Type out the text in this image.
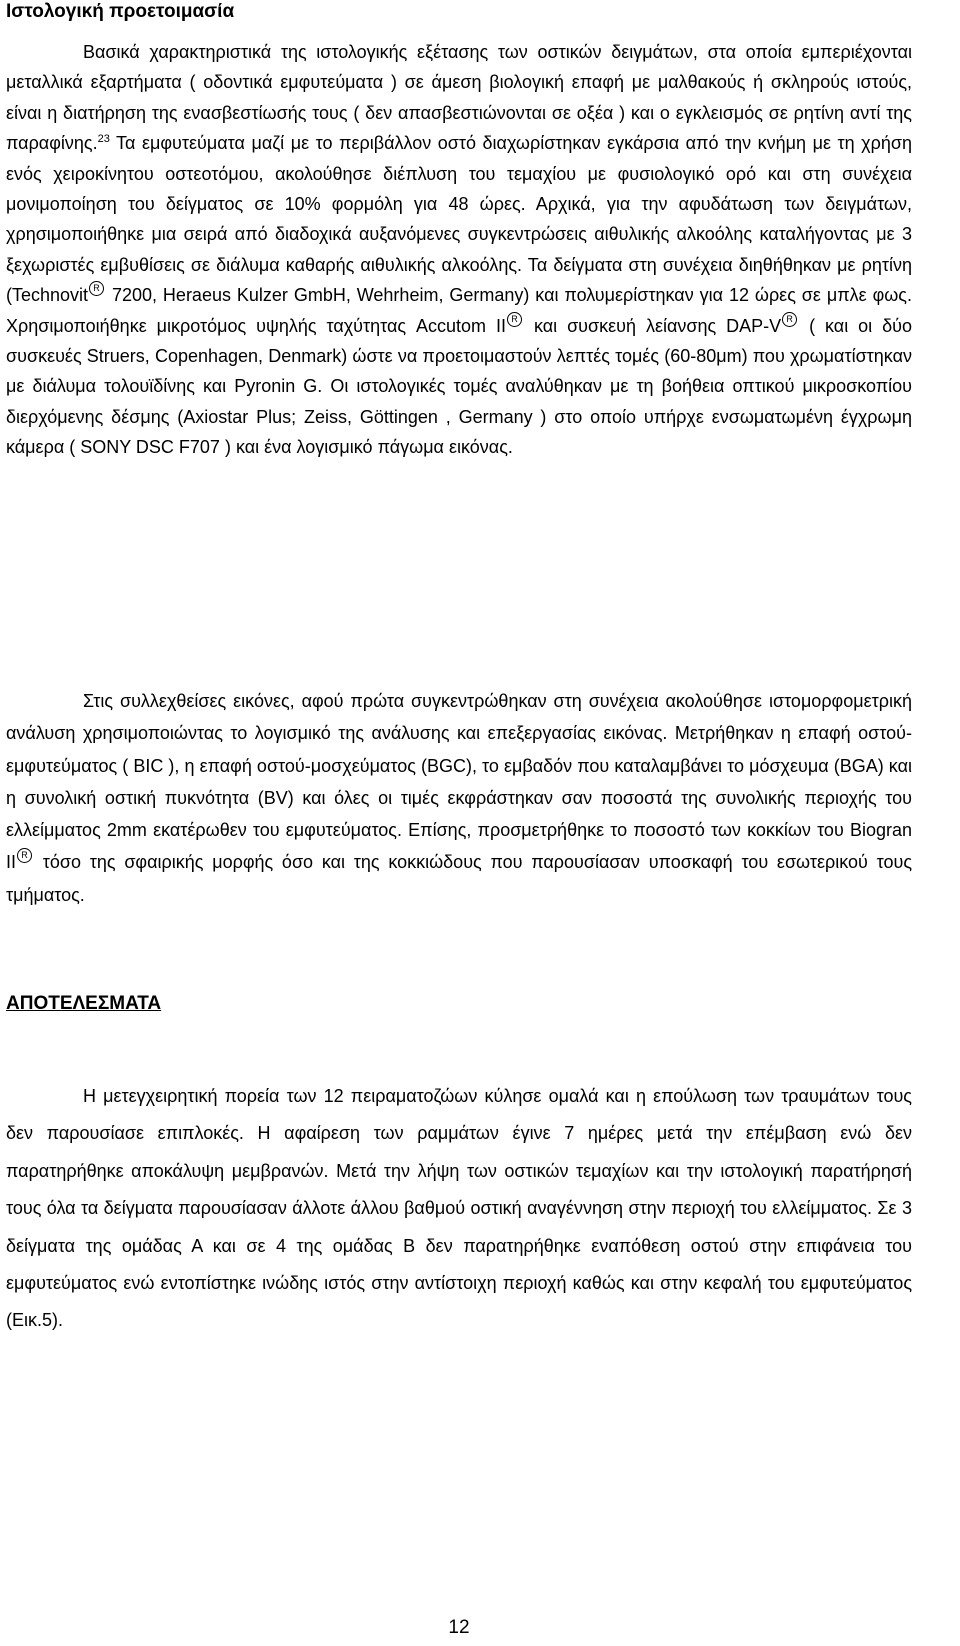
Ιστολογική προετοιμασία

Βασικά χαρακτηριστικά της ιστολογικής εξέτασης των οστικών δειγμάτων, στα οποία εμπεριέχονται μεταλλικά εξαρτήματα ( οδοντικά εμφυτεύματα ) σε άμεση βιολογική επαφή με μαλθακούς ή σκληρούς ιστούς, είναι η διατήρηση της ενασβεστίωσής τους ( δεν απασβεστιώνονται σε οξέα ) και ο εγκλεισμός σε ρητίνη αντί της παραφίνης.$^{23}$ Τα εμφυτεύματα μαζί με το περιβάλλον οστό διαχωρίστηκαν εγκάρσια από την κνήμη με τη χρήση ενός χειροκίνητου οστεοτόμου, ακολούθησε διέπλυση του τεμαχίου με φυσιολογικό ορό και στη συνέχεια μονιμοποίηση του δείγματος σε 10% φορμόλη για 48 ώρες. Αρχικά, για την αφυδάτωση των δειγμάτων, χρησιμοποιήθηκε μια σειρά από διαδοχικά αυξανόμενες συγκεντρώσεις αιθυλικής αλκοόλης καταλήγοντας με 3 ξεχωριστές εμβυθίσεις σε διάλυμα καθαρής αιθυλικής αλκοόλης. Τα δείγματα στη συνέχεια διηθήθηκαν με ρητίνη (Technovit R 7200, Heraeus Kulzer GmbH, Wehrheim, Germany) και πολυμερίστηκαν για 12 ώρες σε μπλε φως. Χρησιμοποιήθηκε μικροτόμος υψηλής ταχύτητας Accutom II R και συσκευή λείανσης DAP-V R ( και οι δύο συσκευές Struers, Copenhagen, Denmark) ώστε να προετοιμαστούν λεπτές τομές (60-80μm) που χρωματίστηκαν με διάλυμα τολουϊδίνης και Pyronin G. Οι ιστολογικές τομές αναλύθηκαν με τη βοήθεια οπτικού μικροσκοπίου διερχόμενης δέσμης (Axiostar Plus; Zeiss, Göttingen , Germany ) στο οποίο υπήρχε ενσωματωμένη έγχρωμη κάμερα ( SONY DSC F707 ) και ένα λογισμικό πάγωμα εικόνας.

Στις συλλεχθείσες εικόνες, αφού πρώτα συγκεντρώθηκαν στη συνέχεια ακολούθησε ιστομορφομετρική ανάλυση χρησιμοποιώντας το λογισμικό της ανάλυσης και επεξεργασίας εικόνας. Μετρήθηκαν η επαφή οστού-εμφυτεύματος ( BIC ), η επαφή οστού-μοσχεύματος (BGC), το εμβαδόν που καταλαμβάνει το μόσχευμα (BGA) και η συνολική οστική πυκνότητα (BV) και όλες οι τιμές εκφράστηκαν σαν ποσοστά της συνολικής περιοχής του ελλείμματος 2mm εκατέρωθεν του εμφυτεύματος. Επίσης, προσμετρήθηκε το ποσοστό των κοκκίων του Biogran II R τόσο της σφαιρικής μορφής όσο και της κοκκιώδους που παρουσίασαν υποσκαφή του εσωτερικού τους τμήματος.

ΑΠΟΤΕΛΕΣΜΑΤΑ

Η μετεγχειρητική πορεία των 12 πειραματοζώων κύλησε ομαλά και η επούλωση των τραυμάτων τους δεν παρουσίασε επιπλοκές. Η αφαίρεση των ραμμάτων έγινε 7 ημέρες μετά την επέμβαση ενώ δεν παρατηρήθηκε αποκάλυψη μεμβρανών. Μετά την λήψη των οστικών τεμαχίων και την ιστολογική παρατήρησή τους όλα τα δείγματα παρουσίασαν άλλοτε άλλου βαθμού οστική αναγέννηση στην περιοχή του ελλείμματος. Σε 3 δείγματα της ομάδας Α και σε 4 της ομάδας Β δεν παρατηρήθηκε εναπόθεση οστού στην επιφάνεια του εμφυτεύματος ενώ εντοπίστηκε ινώδης ιστός στην αντίστοιχη περιοχή καθώς και στην κεφαλή του εμφυτεύματος (Εικ.5).

12
